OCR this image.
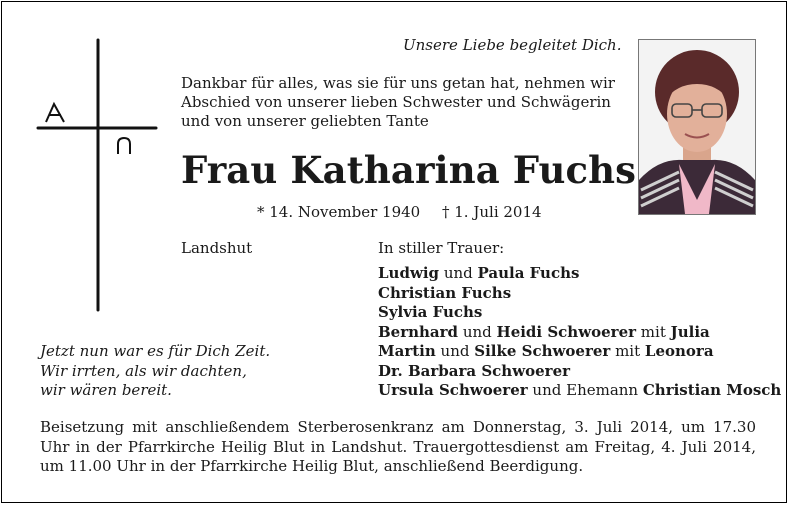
Unsere Liebe begleitet Dich.
Dankbar für alles, was sie für uns getan hat, nehmen wir
Abschied von unserer lieben Schwester und Schwägerin
und von unserer geliebten Tante
Frau Katharina Fuchs
* 14. November 1940 † 1. Juli 2014
Landshut	In stiller Trauer:
Ludwig und Paula Fuchs
Christian Fuchs
Sylvia Fuchs
Bernhard und Heidi Schwoerer mit Julia
Martin und Silke Schwoerer mit Leonora
Dr. Barbara Schwoerer
Ursula Schwoerer und Ehemann Christian Mosch
Jetzt nun war es für Dich Zeit.
Wir irrten, als wir dachten,
wir wären bereit.
Beisetzung mit anschließendem Sterberosenkranz am Donnerstag, 3. Juli 2014, um 17.30 Uhr in der Pfarrkirche Heilig Blut in Landshut. Trauergottesdienst am Freitag, 4. Juli 2014, um 11.00 Uhr in der Pfarrkirche Heilig Blut, anschließend Beerdigung.
